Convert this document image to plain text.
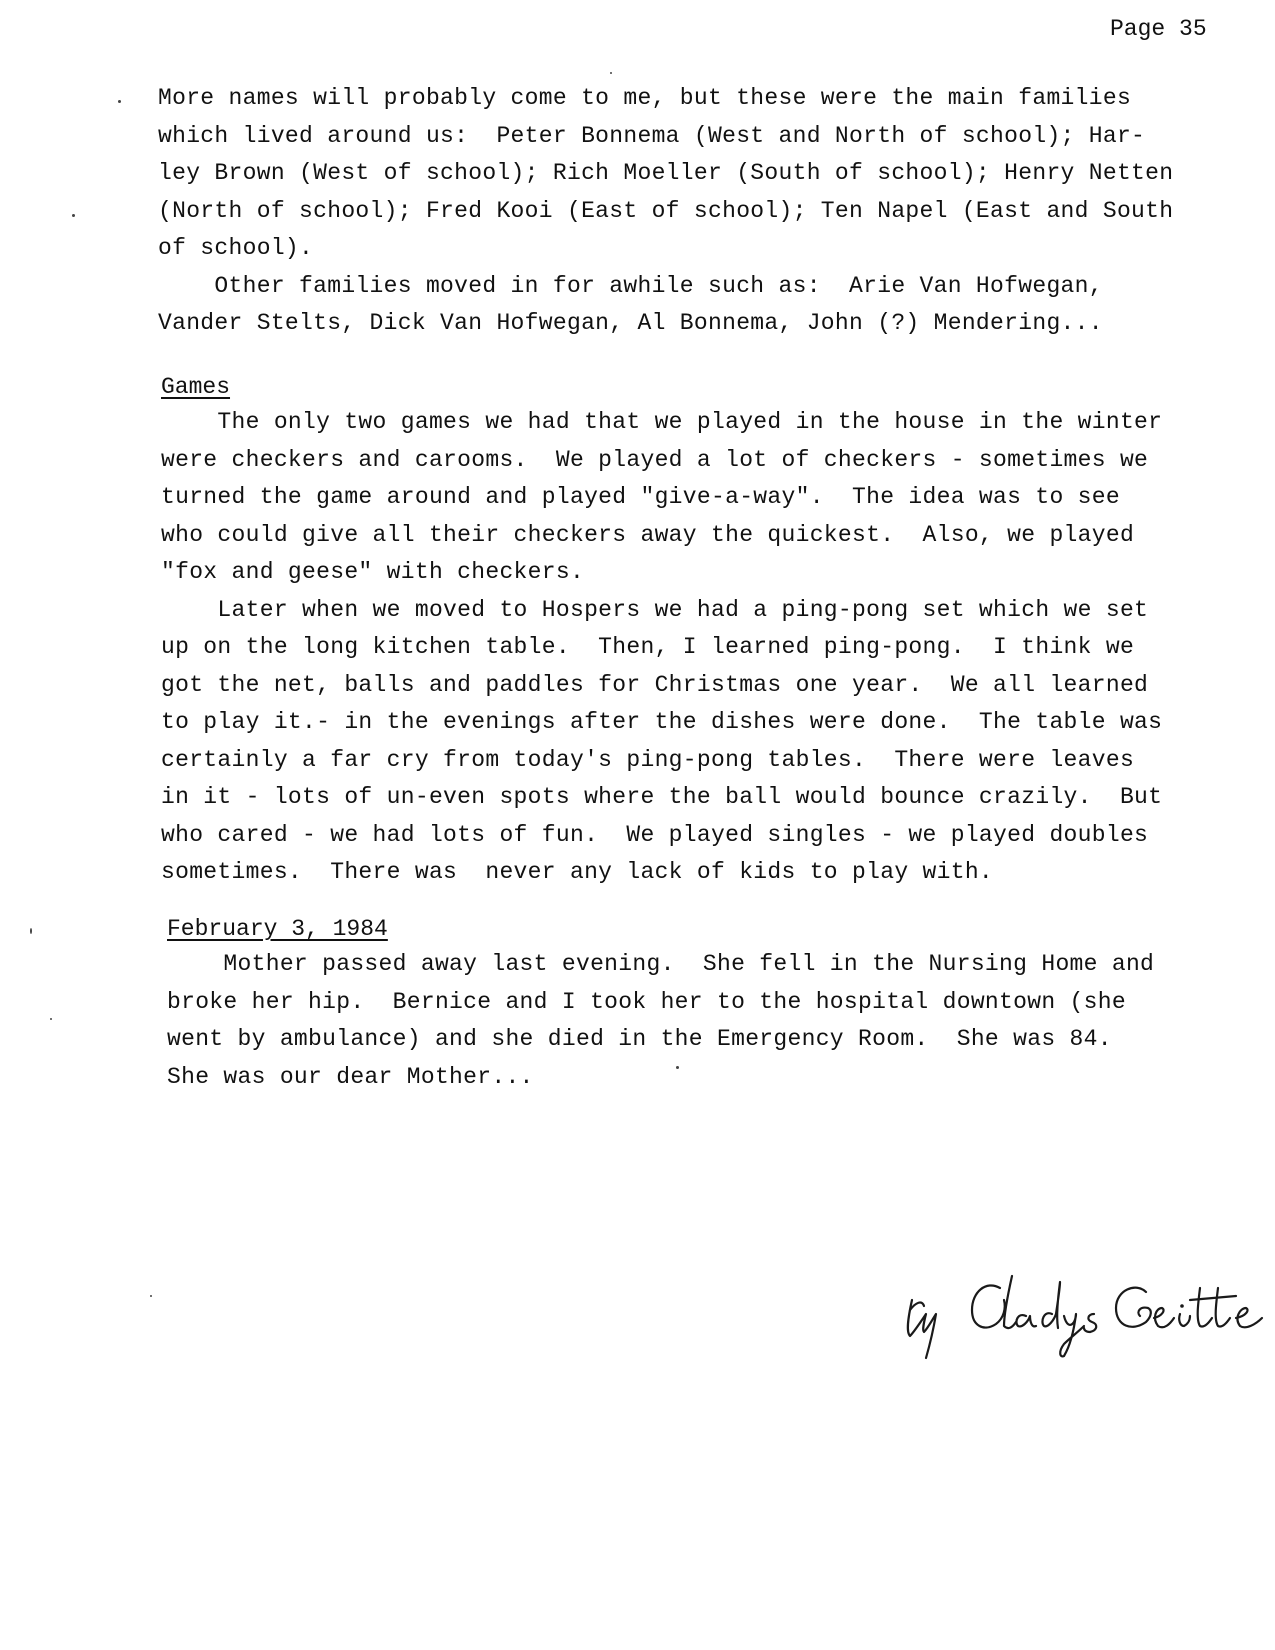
Page 35
More names will probably come to me, but these were the main families
which lived around us:  Peter Bonnema (West and North of school); Har-
ley Brown (West of school); Rich Moeller (South of school); Henry Netten
(North of school); Fred Kooi (East of school); Ten Napel (East and South
of school).
Other families moved in for awhile such as:  Arie Van Hofwegan,
Vander Stelts, Dick Van Hofwegan, Al Bonnema, John (?) Mendering...
Games
The only two games we had that we played in the house in the winter
were checkers and carooms.  We played a lot of checkers - sometimes we
turned the game around and played "give-a-way".  The idea was to see
who could give all their checkers away the quickest.  Also, we played
"fox and geese" with checkers.
Later when we moved to Hospers we had a ping-pong set which we set
up on the long kitchen table.  Then, I learned ping-pong.  I think we
got the net, balls and paddles for Christmas one year.  We all learned
to play it.- in the evenings after the dishes were done.  The table was
certainly a far cry from today's ping-pong tables.  There were leaves
in it - lots of un-even spots where the ball would bounce crazily.  But
who cared - we had lots of fun.  We played singles - we played doubles
sometimes.  There was  never any lack of kids to play with.
February 3, 1984
Mother passed away last evening.  She fell in the Nursing Home and
broke her hip.  Bernice and I took her to the hospital downtown (she
went by ambulance) and she died in the Emergency Room.  She was 84.
She was our dear Mother...
